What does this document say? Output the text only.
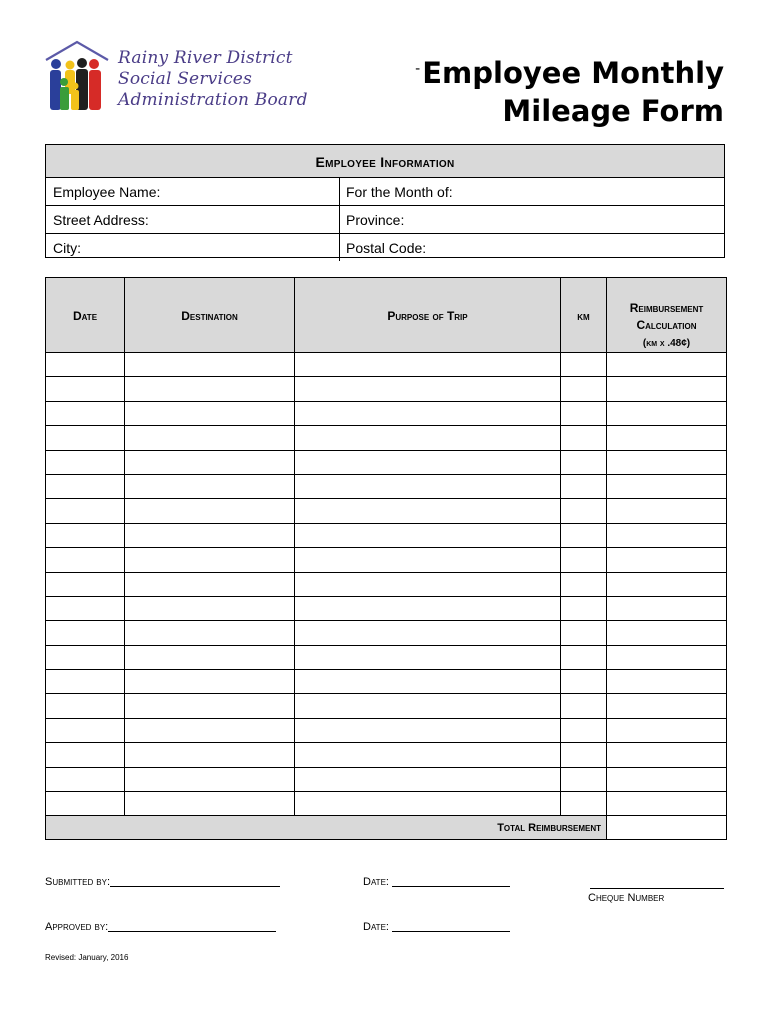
Rainy River District
Social Services
Administration Board
-Employee Monthly
Mileage Form
Employee Information
Employee Name:	For the Month of:
Street Address:	Province:
City:	Postal Code:
Date	Destination	Purpose of Trip	km	Reimbursement
Calculation
(km x .48¢)

Total Reimbursement				
Submitted by:	Date:
Cheque Number
Approved by:	Date:
Revised: January, 2016
